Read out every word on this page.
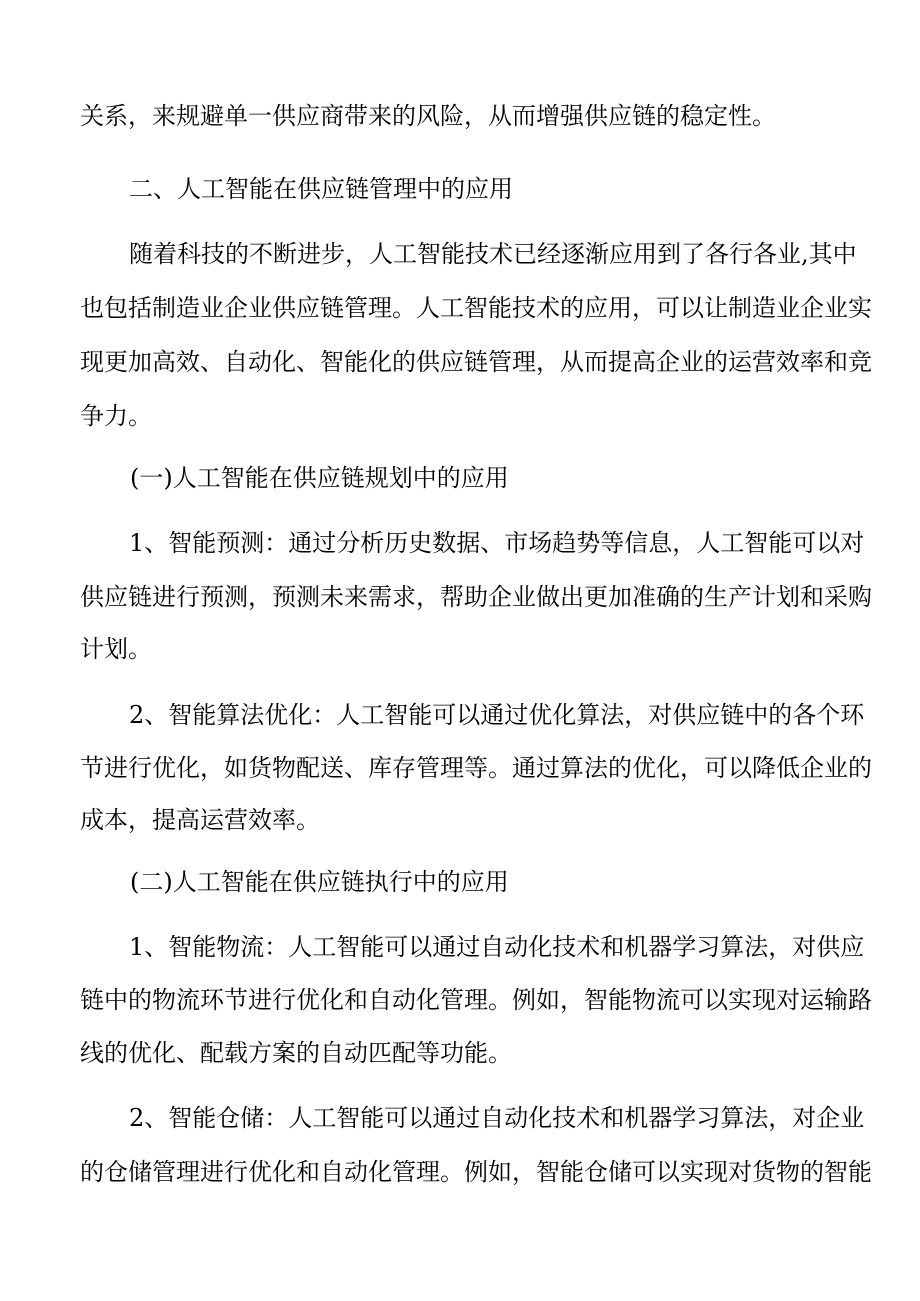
关系，来规避单一供应商带来的风险，从而增强供应链的稳定性。
二、人工智能在供应链管理中的应用
随着科技的不断进步，人工智能技术已经逐渐应用到了各行各业,其中
也包括制造业企业供应链管理。人工智能技术的应用，可以让制造业企业实
现更加高效、自动化、智能化的供应链管理，从而提高企业的运营效率和竞
争力。
(一)人工智能在供应链规划中的应用
1、智能预测：通过分析历史数据、市场趋势等信息，人工智能可以对
供应链进行预测，预测未来需求，帮助企业做出更加准确的生产计划和采购
计划。
2、智能算法优化：人工智能可以通过优化算法，对供应链中的各个环
节进行优化，如货物配送、库存管理等。通过算法的优化，可以降低企业的
成本，提高运营效率。
(二)人工智能在供应链执行中的应用
1、智能物流：人工智能可以通过自动化技术和机器学习算法，对供应
链中的物流环节进行优化和自动化管理。例如，智能物流可以实现对运输路
线的优化、配载方案的自动匹配等功能。
2、智能仓储：人工智能可以通过自动化技术和机器学习算法，对企业
的仓储管理进行优化和自动化管理。例如，智能仓储可以实现对货物的智能
